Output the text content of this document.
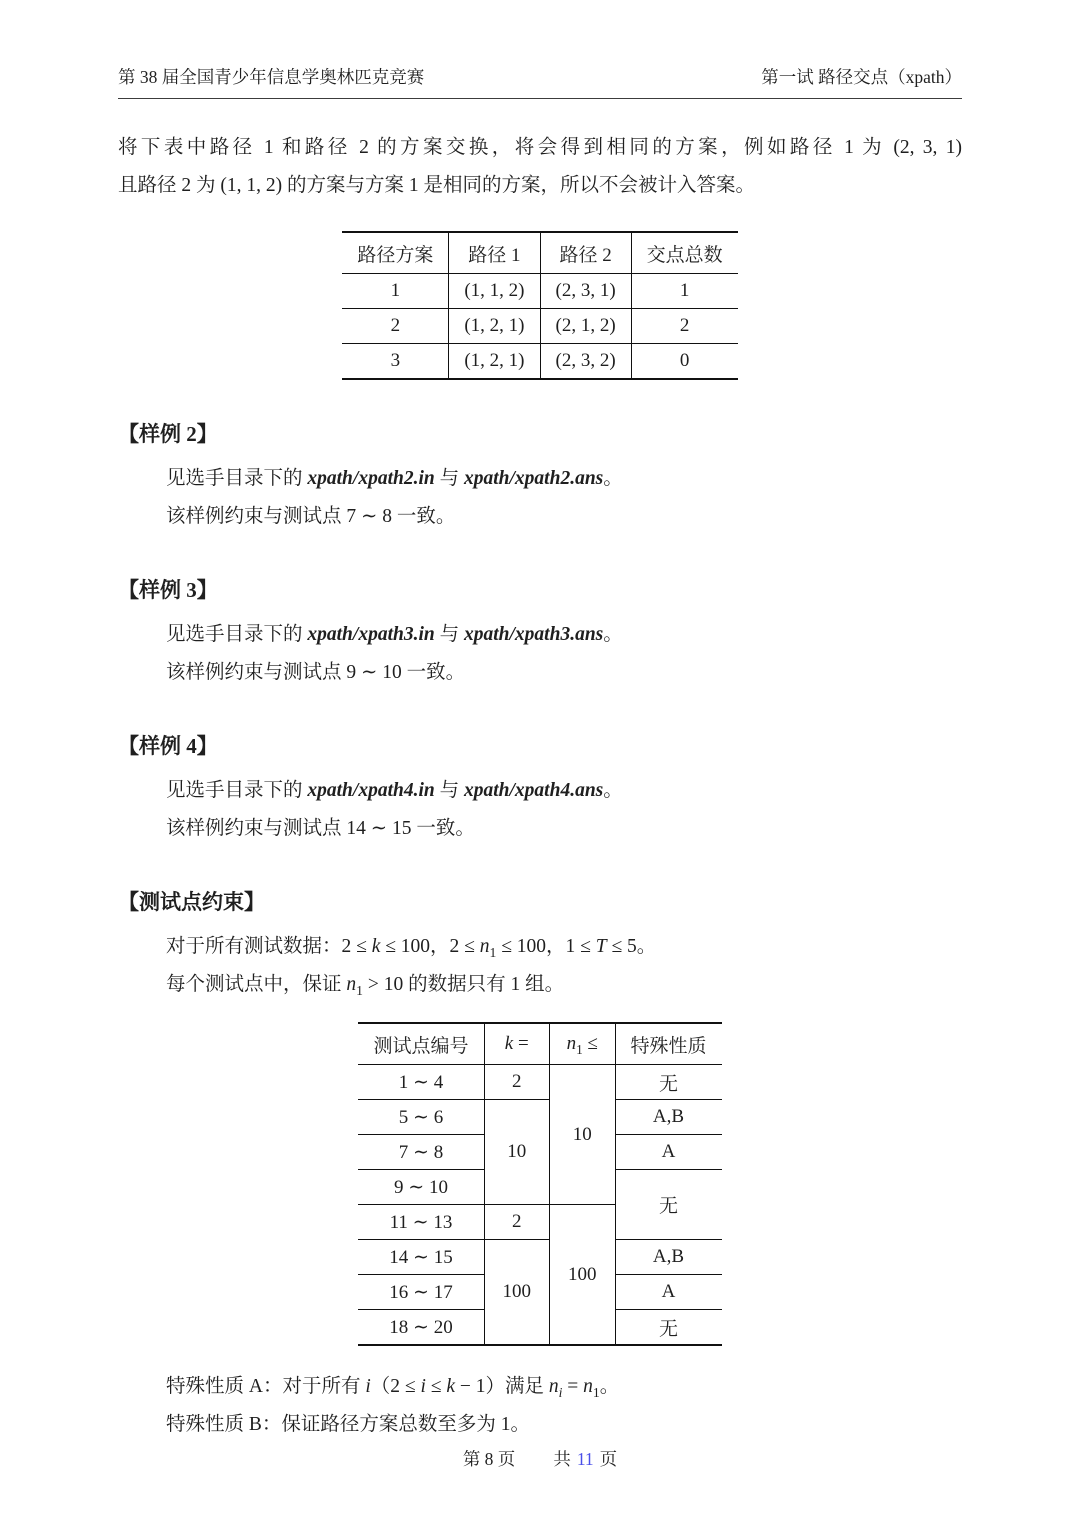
第 38 届全国青少年信息学奥林匹克竞赛	第一试 路径交点（xpath）
将下表中路径 1 和路径 2 的方案交换，将会得到相同的方案，例如路径 1 为 (2, 3, 1)
且路径 2 为 (1, 1, 2) 的方案与方案 1 是相同的方案，所以不会被计入答案。
路径方案	路径 1	路径 2	交点总数
1	(1, 1, 2)	(2, 3, 1)	1
2	(1, 2, 1)	(2, 1, 2)	2
3	(1, 2, 1)	(2, 3, 2)	0
【样例 2】

见选手目录下的 xpath/xpath2.in 与 xpath/xpath2.ans。

该样例约束与测试点 7 ∼ 8 一致。

【样例 3】

见选手目录下的 xpath/xpath3.in 与 xpath/xpath3.ans。

该样例约束与测试点 9 ∼ 10 一致。

【样例 4】

见选手目录下的 xpath/xpath4.in 与 xpath/xpath4.ans。

该样例约束与测试点 14 ∼ 15 一致。

【测试点约束】

对于所有测试数据：2 ≤ k ≤ 100，$2 \le n_1 \le 100$，1 ≤ T ≤ 5。

每个测试点中，保证 $n_1 > 10$ 的数据只有 1 组。

测试点编号	k =	$n_1$ ≤	特殊性质
1 ∼ 4	2	10	无
5 ∼ 6	10		A,B
7 ∼ 8			A
9 ∼ 10			无
11 ∼ 13	2	100	
14 ∼ 15	100		A,B
16 ∼ 17			A
18 ∼ 20			无

特殊性质 A：对于所有 i（2 ≤ i ≤ k − 1）满足 $n_i = n_1$。

特殊性质 B：保证路径方案总数至多为 1。

第 8 页 共 11 页
